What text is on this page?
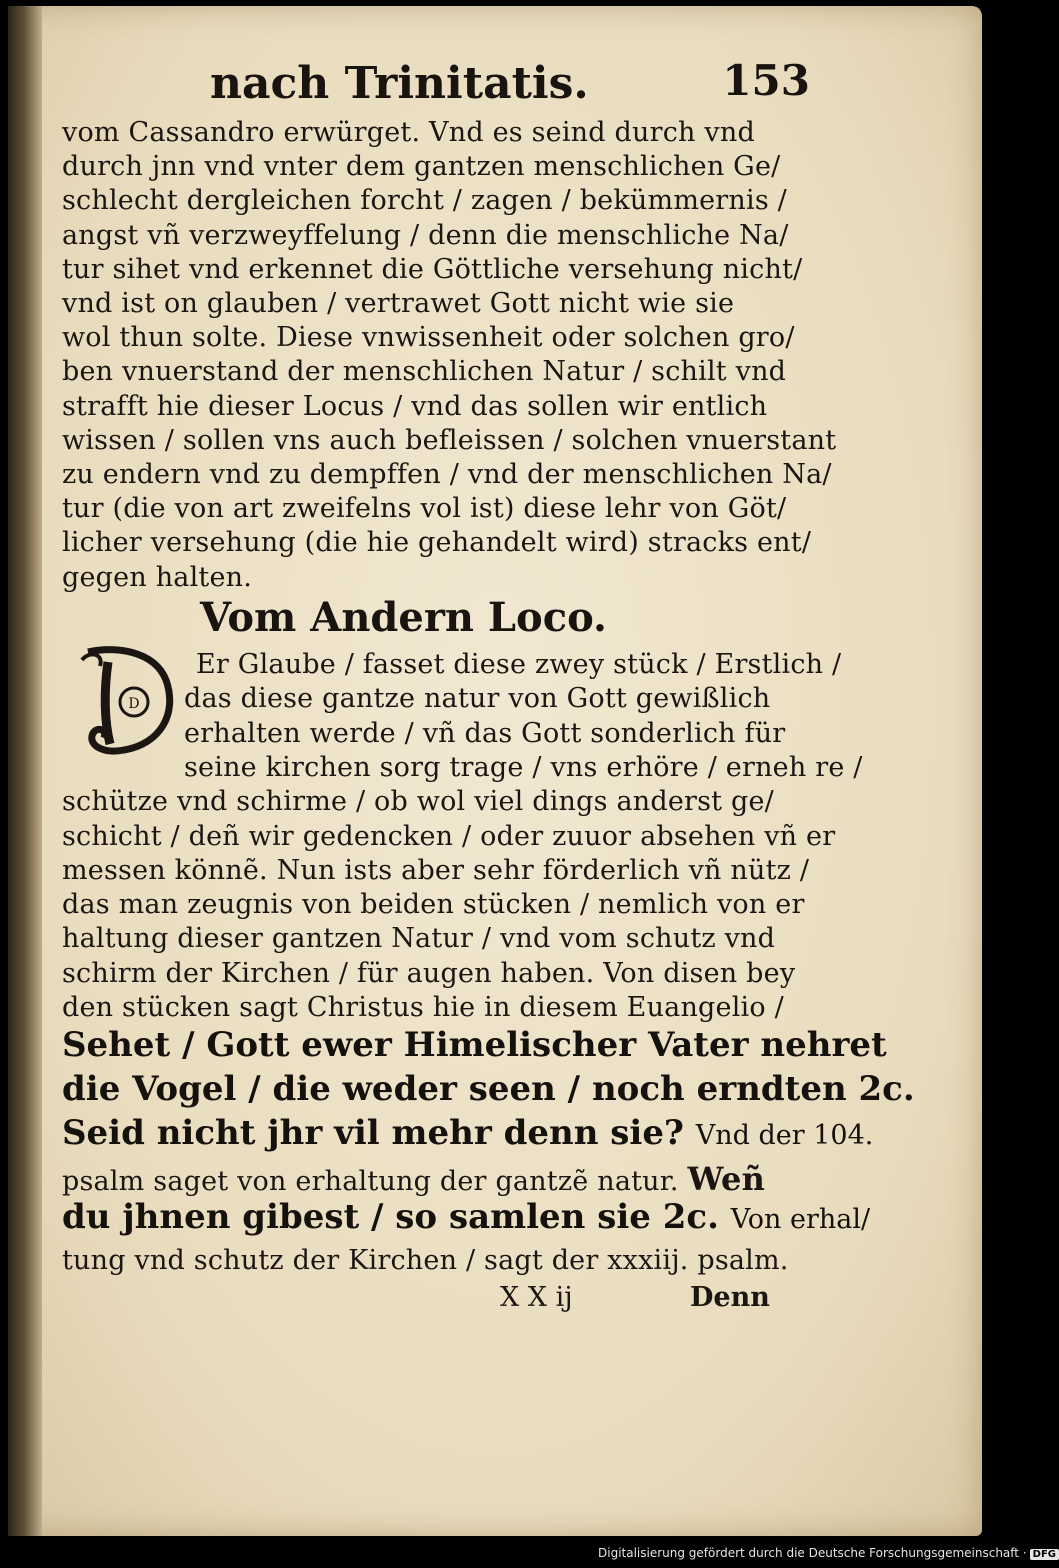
nach Trinitatis.	153
vom Cassandro erwürget. Vnd es seind durch vnd
durch jnn vnd vnter dem gantzen menschlichen Ge/
schlecht dergleichen forcht / zagen / bekümmernis /
angst vñ verzweyffelung / denn die menschliche Na/
tur sihet vnd erkennet die Göttliche versehung nicht/
vnd ist on glauben / vertrawet Gott nicht wie sie
wol thun solte. Diese vnwissenheit oder solchen gro/
ben vnuerstand der menschlichen Natur / schilt vnd
strafft hie dieser Locus / vnd das sollen wir entlich
wissen / sollen vns auch befleissen / solchen vnuerstant
zu endern vnd zu dempffen / vnd der menschlichen Na/
tur (die von art zweifelns vol ist) diese lehr von Göt/
licher versehung (die hie gehandelt wird) stracks ent/
gegen halten.
Vom Andern Loco.
D
Er Glaube / fasset diese zwey stück / Erstlich /
das diese gantze natur von Gott gewißlich
erhalten werde / vñ das Gott sonderlich für
seine kirchen sorg trage / vns erhöre / erneh re /
schütze vnd schirme / ob wol viel dings anderst ge/
schicht / deñ wir gedencken / oder zuuor absehen vñ er
messen könnẽ. Nun ists aber sehr förderlich vñ nütz /
das man zeugnis von beiden stücken / nemlich von er
haltung dieser gantzen Natur / vnd vom schutz vnd
schirm der Kirchen / für augen haben. Von disen bey
den stücken sagt Christus hie in diesem Euangelio /
Sehet / Gott ewer Himelischer Vater nehret
die Vogel / die weder seen / noch erndten 2c.
Seid nicht jhr vil mehr denn sie? Vnd der 104.
psalm saget von erhaltung der gantzẽ natur. Weñ
du jhnen gibest / so samlen sie 2c. Von erhal/
tung vnd schutz der Kirchen / sagt der xxxiij. psalm.
X X ij	Denn
Digitalisierung gefördert durch die Deutsche Forschungsgemeinschaft · DFG
